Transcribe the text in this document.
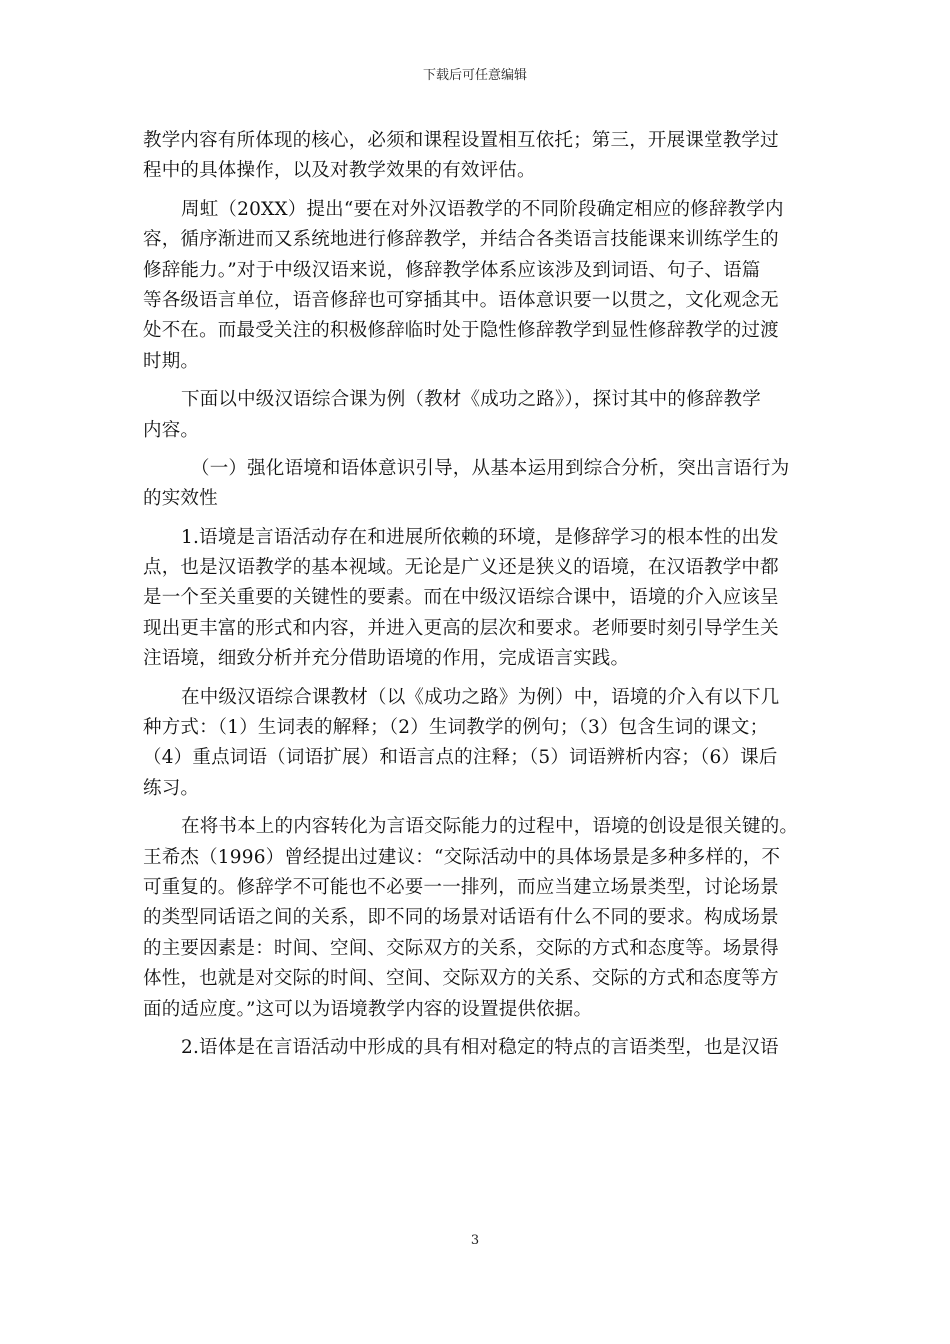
下载后可任意编辑
教学内容有所体现的核心，必须和课程设置相互依托；第三，开展课堂教学过
程中的具体操作，以及对教学效果的有效评估。
周虹（20XX）提出“要在对外汉语教学的不同阶段确定相应的修辞教学内
容，循序渐进而又系统地进行修辞教学，并结合各类语言技能课来训练学生的
修辞能力。”对于中级汉语来说，修辞教学体系应该涉及到词语、句子、语篇
等各级语言单位，语音修辞也可穿插其中。语体意识要一以贯之，文化观念无
处不在。而最受关注的积极修辞临时处于隐性修辞教学到显性修辞教学的过渡
时期。
下面以中级汉语综合课为例（教材《成功之路》），探讨其中的修辞教学
内容。
（一）强化语境和语体意识引导，从基本运用到综合分析，突出言语行为
的实效性
1.语境是言语活动存在和进展所依赖的环境，是修辞学习的根本性的出发
点，也是汉语教学的基本视域。无论是广义还是狭义的语境，在汉语教学中都
是一个至关重要的关键性的要素。而在中级汉语综合课中，语境的介入应该呈
现出更丰富的形式和内容，并进入更高的层次和要求。老师要时刻引导学生关
注语境，细致分析并充分借助语境的作用，完成语言实践。
在中级汉语综合课教材（以《成功之路》为例）中，语境的介入有以下几
种方式：（1）生词表的解释；（2）生词教学的例句；（3）包含生词的课文；
（4）重点词语（词语扩展）和语言点的注释；（5）词语辨析内容；（6）课后
练习。
在将书本上的内容转化为言语交际能力的过程中，语境的创设是很关键的。
王希杰（1996）曾经提出过建议：“交际活动中的具体场景是多种多样的，不
可重复的。修辞学不可能也不必要一一排列，而应当建立场景类型，讨论场景
的类型同话语之间的关系，即不同的场景对话语有什么不同的要求。构成场景
的主要因素是：时间、空间、交际双方的关系，交际的方式和态度等。场景得
体性，也就是对交际的时间、空间、交际双方的关系、交际的方式和态度等方
面的适应度。”这可以为语境教学内容的设置提供依据。
2.语体是在言语活动中形成的具有相对稳定的特点的言语类型，也是汉语
3
